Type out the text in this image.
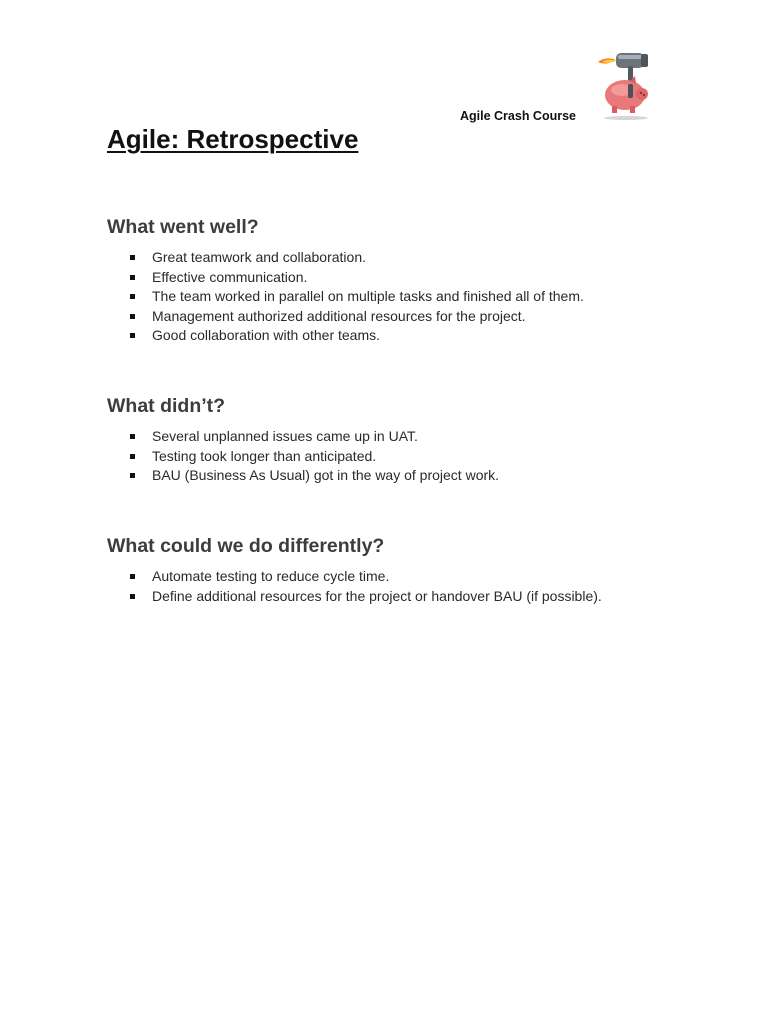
Agile Crash Course
Agile: Retrospective
What went well?
Great teamwork and collaboration.
Effective communication.
The team worked in parallel on multiple tasks and finished all of them.
Management authorized additional resources for the project.
Good collaboration with other teams.
What didn’t?
Several unplanned issues came up in UAT.
Testing took longer than anticipated.
BAU (Business As Usual) got in the way of project work.
What could we do differently?
Automate testing to reduce cycle time.
Define additional resources for the project or handover BAU (if possible).
